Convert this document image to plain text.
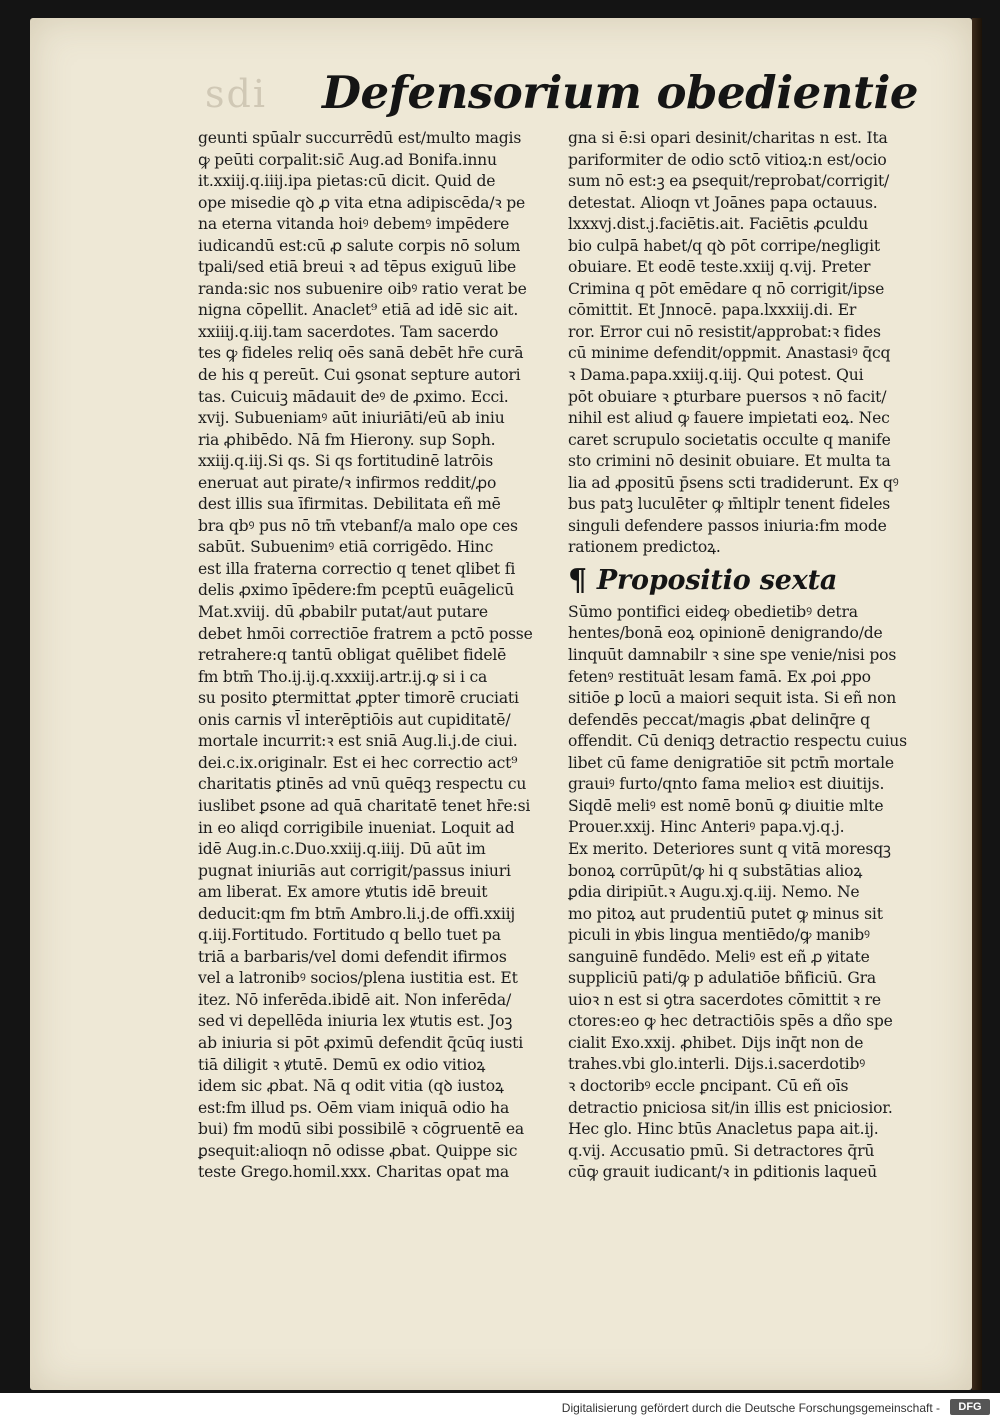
sdi	Defensorium obedientie
geunti spūalr succurrēdū est/multo magis
ꝙ peūti corpalit:sic̄ Aug.ad Bonifa.innu
it.xxiij.q.iiij.ipa pietas:cū dicit. Quid de
ope misedie qꝺ ꝓ vita etna adipiscēda/ꝛ pe
na eterna vitanda hoiꝰ debemꝰ impēdere
iudicandū est:cū ꝓ salute corpis nō solum
tpali/sed etiā breui ꝛ ad tēpus exiguū libe
randa:sic nos subuenire oibꝰ ratio verat be
nigna cōpellit. Anaclet⁹ etiā ad idē sic ait.
xxiiij.q.iij.tam sacerdotes. Tam sacerdo
tes ꝙ fideles reliq oēs sanā debēt hr̄e curā
de his q pereūt. Cui ꝯsonat septure autori
tas. Cuicuiꝫ mādauit deꝰ de ꝓximo. Ecci.
xvij. Subueniamꝰ aūt iniuriāti/eū ab iniu
ria ꝓhibēdo. Nā fm Hierony. sup Soph.
xxiij.q.iij.Si qs. Si qs fortitudinē latrōis
eneruat aut pirate/ꝛ infirmos reddit/ꝓo
dest illis sua īfirmitas. Debilitata eñ mē
bra qbꝰ pus nō tm̄ vtebanf/a malo ope ces
sabūt. Subuenimꝰ etiā corrigēdo. Hinc
est illa fraterna correctio q tenet qlibet fi
delis ꝓximo īpēdere:fm pceptū euāgelicū
Mat.xviij. dū ꝓbabilr putat/aut putare
debet hmōi correctiōe fratrem a pctō posse
retrahere:q tantū obligat quēlibet fidelē
fm btm̄ Tho.ij.ij.q.xxxiij.artr.ij.ꝙ si i ca
su posito ꝑtermittat ꝓpter timorē cruciati
onis carnis vl̄ interēptiōis aut cupiditatē/
mortale incurrit:ꝛ est sniā Aug.li.j.de ciui.
dei.c.ix.originalr. Est ei hec correctio act⁹
charitatis ꝑtinēs ad vnū quēqꝫ respectu cu
iuslibet ꝑsone ad quā charitatē tenet hr̄e:si
in eo aliqd corrigibile inueniat. Loquit ad
idē Aug.in.c.Duo.xxiij.q.iiij. Dū aūt im
pugnat iniuriās aut corrigit/passus iniuri
am liberat. Ex amore ꝟtutis idē breuit
deducit:qm fm btm̄ Ambro.li.j.de offi.xxiij
q.iij.Fortitudo. Fortitudo q bello tuet pa
triā a barbaris/vel domi defendit ifirmos
vel a latronibꝰ socios/plena iustitia est. Et
itez. Nō inferēda.ibidē ait. Non inferēda/
sed vi depellēda iniuria lex ꝟtutis est. Joꝫ
ab iniuria si pōt ꝓximū defendit q̄cūq iusti
tiā diligit ꝛ ꝟtutē. Demū ex odio vitioꝝ
idem sic ꝓbat. Nā q odit vitia (qꝺ iustoꝝ
est:fm illud ps. Oēm viam iniquā odio ha
bui) fm modū sibi possibilē ꝛ cōgruentē ea
ꝑsequit:alioqn nō odisse ꝓbat. Quippe sic
teste Grego.homil.xxx. Charitas opat ma
gna si ē:si opari desinit/charitas n est. Ita
pariformiter de odio sctō vitioꝝ:n est/ocio
sum nō est:ꝫ ea ꝑsequit/reprobat/corrigit/
detestat. Alioqn vt Joānes papa octauus.
lxxxvj.dist.j.faciētis.ait. Faciētis ꝓculdu
bio culpā habet/q qꝺ pōt corripe/negligit
obuiare. Et eodē teste.xxiij q.vij. Preter
Crimina q pōt emēdare q nō corrigit/ipse
cōmittit. Et Jnnocē. papa.lxxxiij.di. Er
ror. Error cui nō resistit/approbat:ꝛ fides
cū minime defendit/oppmit. Anastasiꝰ q̄cq
ꝛ Dama.papa.xxiij.q.iij. Qui potest. Qui
pōt obuiare ꝛ ꝑturbare puersos ꝛ nō facit/
nihil est aliud ꝙ fauere impietati eoꝝ. Nec
caret scrupulo societatis occulte q manife
sto crimini nō desinit obuiare. Et multa ta
lia ad ꝓpositū p̄sens scti tradiderunt. Ex qꝰ
bus patꝫ luculēter ꝙ m̄ltiplr tenent fideles
singuli defendere passos iniuria:fm mode
rationem predictoꝝ.
¶ Propositio sexta
Sūmo pontifici eideꝙ obedietibꝰ detra
hentes/bonā eoꝝ opinionē denigrando/de
linquūt damnabilr ꝛ sine spe venie/nisi pos
fetenꝰ restituāt lesam famā. Ex ꝓoi ꝓpo
sitiōe ꝑ locū a maiori sequit ista. Si eñ non
defendēs peccat/magis ꝓbat delinq̄re q
offendit. Cū deniqꝫ detractio respectu cuius
libet cū fame denigratiōe sit pctm̄ mortale
grauiꝰ furto/qnto fama melioꝛ est diuitijs.
Siqdē meliꝰ est nomē bonū ꝙ diuitie mlte
Prouer.xxij. Hinc Anteriꝰ papa.vj.q.j.
Ex merito. Deteriores sunt q vitā moresqꝫ
bonoꝝ corrūpūt/ꝙ hi q substātias alioꝝ
ꝑdia diripiūt.ꝛ Augu.xj.q.iij. Nemo. Ne
mo pitoꝝ aut prudentiū putet ꝙ minus sit
piculi in ꝟbis lingua mentiēdo/ꝙ manibꝰ
sanguinē fundēdo. Meliꝰ est eñ ꝓ ꝟitate
suppliciū pati/ꝙ p adulatiōe bñficiū. Gra
uioꝛ n est si ꝯtra sacerdotes cōmittit ꝛ re
ctores:eo ꝙ hec detractiōis spēs a dño spe
cialit Exo.xxij. ꝓhibet. Dijs inq̄t non de
trahes.vbi glo.interli. Dijs.i.sacerdotibꝰ
ꝛ doctoribꝰ eccle ꝑncipant. Cū eñ oīs
detractio pniciosa sit/in illis est pniciosior.
Hec glo. Hinc btūs Anacletus papa ait.ij.
q.vij. Accusatio pmū. Si detractores q̄rū
cūꝙ grauit iudicant/ꝛ in ꝑditionis laqueū
Digitalisierung gefördert durch die Deutsche Forschungsgemeinschaft -	DFG
